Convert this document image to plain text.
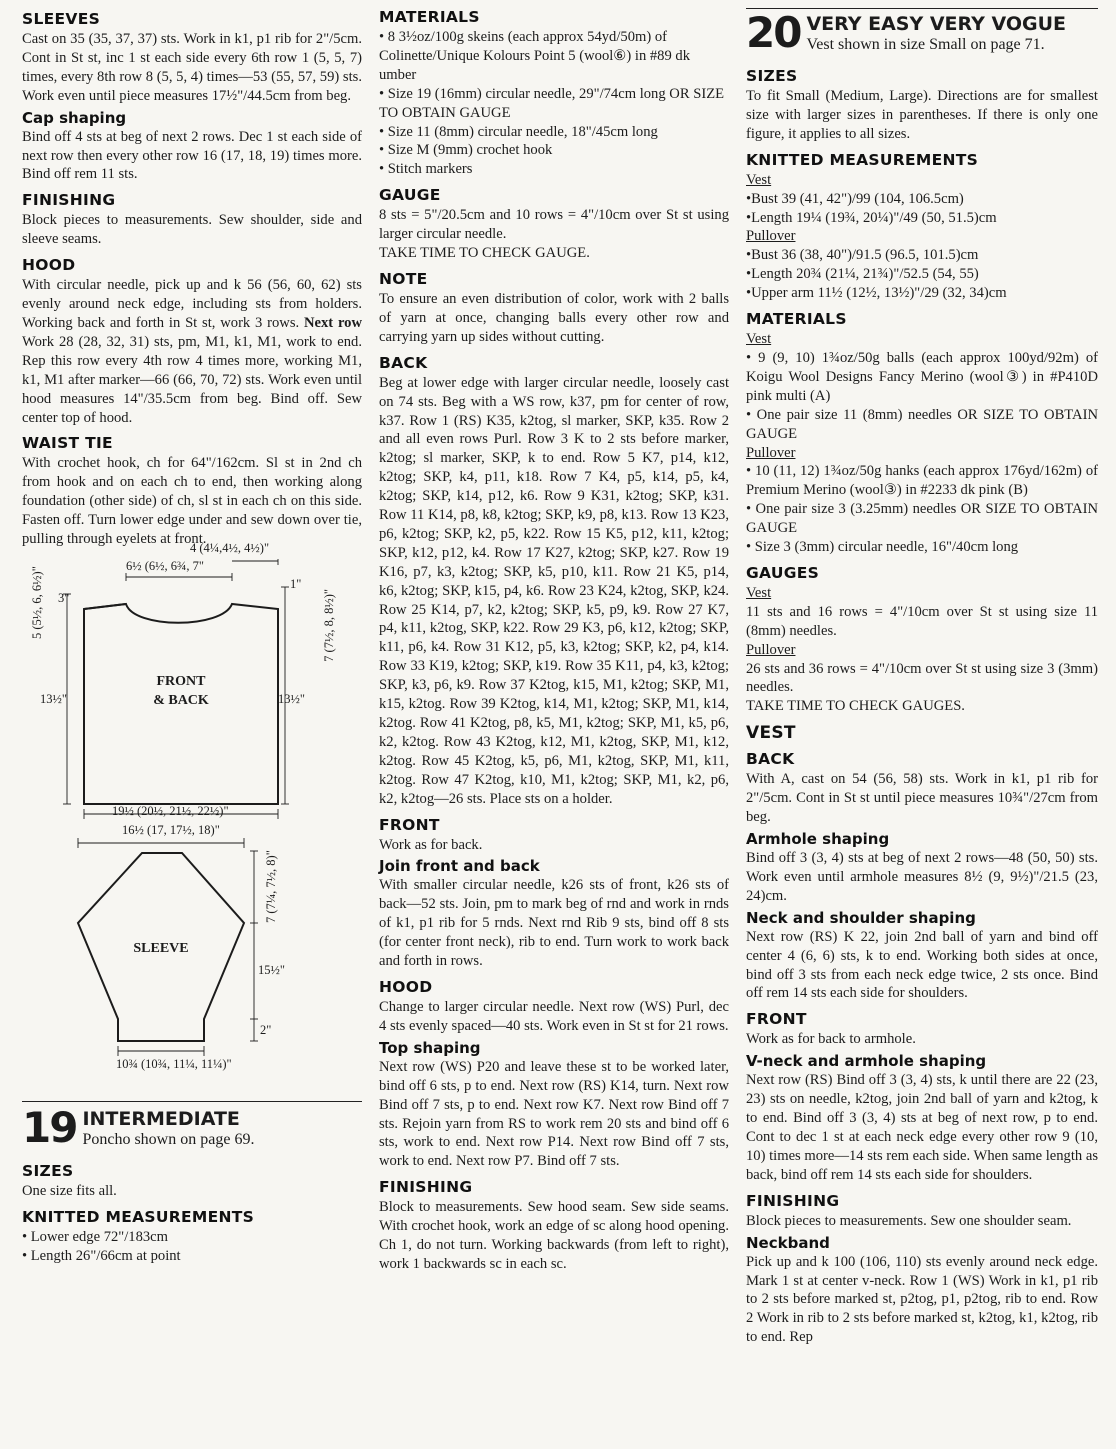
SLEEVES

Cast on 35 (35, 37, 37) sts. Work in k1, p1 rib for 2"/5cm. Cont in St st, inc 1 st each side every 6th row 1 (5, 5, 7) times, every 8th row 8 (5, 5, 4) times—53 (55, 57, 59) sts. Work even until piece measures 17½"/44.5cm from beg.

Cap shaping

Bind off 4 sts at beg of next 2 rows. Dec 1 st each side of next row then every other row 16 (17, 18, 19) times more. Bind off rem 11 sts.

FINISHING

Block pieces to measurements. Sew shoulder, side and sleeve seams.

HOOD

With circular needle, pick up and k 56 (56, 60, 62) sts evenly around neck edge, including sts from holders. Working back and forth in St st, work 3 rows. Next row Work 28 (28, 32, 31) sts, pm, M1, k1, M1, work to end. Rep this row every 4th row 4 times more, working M1, k1, M1 after marker—66 (66, 70, 72) sts. Work even until hood measures 14"/35.5cm from beg. Bind off. Sew center top of hood.

WAIST TIE

With crochet hook, ch for 64"/162cm. Sl st in 2nd ch from hook and on each ch to end, then working along foundation (other side) of ch, sl st in each ch on this side. Fasten off. Turn lower edge under and sew down over tie, pulling through eyelets at front.

4 (4¼,4½, 4½)"
6½ (6½, 6¾, 7"
5 (5½, 6, 6½)" 3"
1"
7 (7½, 8, 8½)"
FRONT
& BACK
13½"	13½"
19½ (20½, 21½, 22½)"
16½ (17, 17½, 18)"
7 (7¼, 7½, 8)"
SLEEVE
15½"
2"
10¾ (10¾, 11¼, 11¼)"
19 INTERMEDIATE
Poncho shown on page 69.
SIZES

One size fits all.

KNITTED MEASUREMENTS

• Lower edge 72"/183cm

• Length 26"/66cm at point

MATERIALS

• 8 3½oz/100g skeins (each approx 54yd/50m) of Colinette/Unique Kolours Point 5 (wool⑥) in #89 dk umber

• Size 19 (16mm) circular needle, 29"/74cm long OR SIZE TO OBTAIN GAUGE

• Size 11 (8mm) circular needle, 18"/45cm long

• Size M (9mm) crochet hook

• Stitch markers

GAUGE

8 sts = 5"/20.5cm and 10 rows = 4"/10cm over St st using larger circular needle.

TAKE TIME TO CHECK GAUGE.

NOTE

To ensure an even distribution of color, work with 2 balls of yarn at once, changing balls every other row and carrying yarn up sides without cutting.

BACK

Beg at lower edge with larger circular needle, loosely cast on 74 sts. Beg with a WS row, k37, pm for center of row, k37. Row 1 (RS) K35, k2tog, sl marker, SKP, k35. Row 2 and all even rows Purl. Row 3 K to 2 sts before marker, k2tog; sl marker, SKP, k to end. Row 5 K7, p14, k12, k2tog; SKP, k4, p11, k18. Row 7 K4, p5, k14, p5, k4, k2tog; SKP, k14, p12, k6. Row 9 K31, k2tog; SKP, k31. Row 11 K14, p8, k8, k2tog; SKP, k9, p8, k13. Row 13 K23, p6, k2tog; SKP, k2, p5, k22. Row 15 K5, p12, k11, k2tog; SKP, k12, p12, k4. Row 17 K27, k2tog; SKP, k27. Row 19 K16, p7, k3, k2tog; SKP, k5, p10, k11. Row 21 K5, p14, k6, k2tog; SKP, k15, p4, k6. Row 23 K24, k2tog, SKP, k24. Row 25 K14, p7, k2, k2tog; SKP, k5, p9, k9. Row 27 K7, p4, k11, k2tog, SKP, k22. Row 29 K3, p6, k12, k2tog; SKP, k11, p6, k4. Row 31 K12, p5, k3, k2tog; SKP, k2, p4, k14. Row 33 K19, k2tog; SKP, k19. Row 35 K11, p4, k3, k2tog; SKP, k3, p6, k9. Row 37 K2tog, k15, M1, k2tog; SKP, M1, k15, k2tog. Row 39 K2tog, k14, M1, k2tog; SKP, M1, k14, k2tog. Row 41 K2tog, p8, k5, M1, k2tog; SKP, M1, k5, p6, k2, k2tog. Row 43 K2tog, k12, M1, k2tog, SKP, M1, k12, k2tog. Row 45 K2tog, k5, p6, M1, k2tog, SKP, M1, k11, k2tog. Row 47 K2tog, k10, M1, k2tog; SKP, M1, k2, p6, k2, k2tog—26 sts. Place sts on a holder.

FRONT

Work as for back.

Join front and back

With smaller circular needle, k26 sts of front, k26 sts of back—52 sts. Join, pm to mark beg of rnd and work in rnds of k1, p1 rib for 5 rnds. Next rnd Rib 9 sts, bind off 8 sts (for center front neck), rib to end. Turn work to work back and forth in rows.

HOOD

Change to larger circular needle. Next row (WS) Purl, dec 4 sts evenly spaced—40 sts. Work even in St st for 21 rows.

Top shaping

Next row (WS) P20 and leave these st to be worked later, bind off 6 sts, p to end. Next row (RS) K14, turn. Next row Bind off 7 sts, p to end. Next row K7. Next row Bind off 7 sts. Rejoin yarn from RS to work rem 20 sts and bind off 6 sts, work to end. Next row P14. Next row Bind off 7 sts, work to end. Next row P7. Bind off 7 sts.

FINISHING

Block to measurements. Sew hood seam. Sew side seams. With crochet hook, work an edge of sc along hood opening. Ch 1, do not turn. Working backwards (from left to right), work 1 backwards sc in each sc.

20 VERY EASY VERY VOGUE
Vest shown in size Small on page 71.
SIZES

To fit Small (Medium, Large). Directions are for smallest size with larger sizes in parentheses. If there is only one figure, it applies to all sizes.

KNITTED MEASUREMENTS

Vest

•Bust 39 (41, 42")/99 (104, 106.5cm)

•Length 19¼ (19¾, 20¼)"/49 (50, 51.5)cm

Pullover

•Bust 36 (38, 40")/91.5 (96.5, 101.5)cm

•Length 20¾ (21¼, 21¾)"/52.5 (54, 55)

•Upper arm 11½ (12½, 13½)"/29 (32, 34)cm

MATERIALS

Vest

• 9 (9, 10) 1¾oz/50g balls (each approx 100yd/92m) of Koigu Wool Designs Fancy Merino (wool③) in #P410D pink multi (A)

• One pair size 11 (8mm) needles OR SIZE TO OBTAIN GAUGE

Pullover

• 10 (11, 12) 1¾oz/50g hanks (each approx 176yd/162m) of Premium Merino (wool③) in #2233 dk pink (B)

• One pair size 3 (3.25mm) needles OR SIZE TO OBTAIN GAUGE

• Size 3 (3mm) circular needle, 16"/40cm long

GAUGES

Vest

11 sts and 16 rows = 4"/10cm over St st using size 11 (8mm) needles.

Pullover

26 sts and 36 rows = 4"/10cm over St st using size 3 (3mm) needles.

TAKE TIME TO CHECK GAUGES.

VEST
BACK

With A, cast on 54 (56, 58) sts. Work in k1, p1 rib for 2"/5cm. Cont in St st until piece measures 10¾"/27cm from beg.

Armhole shaping

Bind off 3 (3, 4) sts at beg of next 2 rows—48 (50, 50) sts. Work even until armhole measures 8½ (9, 9½)"/21.5 (23, 24)cm.

Neck and shoulder shaping

Next row (RS) K 22, join 2nd ball of yarn and bind off center 4 (6, 6) sts, k to end. Working both sides at once, bind off 3 sts from each neck edge twice, 2 sts once. Bind off rem 14 sts each side for shoulders.

FRONT

Work as for back to armhole.

V-neck and armhole shaping

Next row (RS) Bind off 3 (3, 4) sts, k until there are 22 (23, 23) sts on needle, k2tog, join 2nd ball of yarn and k2tog, k to end. Bind off 3 (3, 4) sts at beg of next row, p to end. Cont to dec 1 st at each neck edge every other row 9 (10, 10) times more—14 sts rem each side. When same length as back, bind off rem 14 sts each side for shoulders.

FINISHING

Block pieces to measurements. Sew one shoulder seam.

Neckband

Pick up and k 100 (106, 110) sts evenly around neck edge. Mark 1 st at center v-neck. Row 1 (WS) Work in k1, p1 rib to 2 sts before marked st, p2tog, p1, p2tog, rib to end. Row 2 Work in rib to 2 sts before marked st, k2tog, k1, k2tog, rib to end. Rep
